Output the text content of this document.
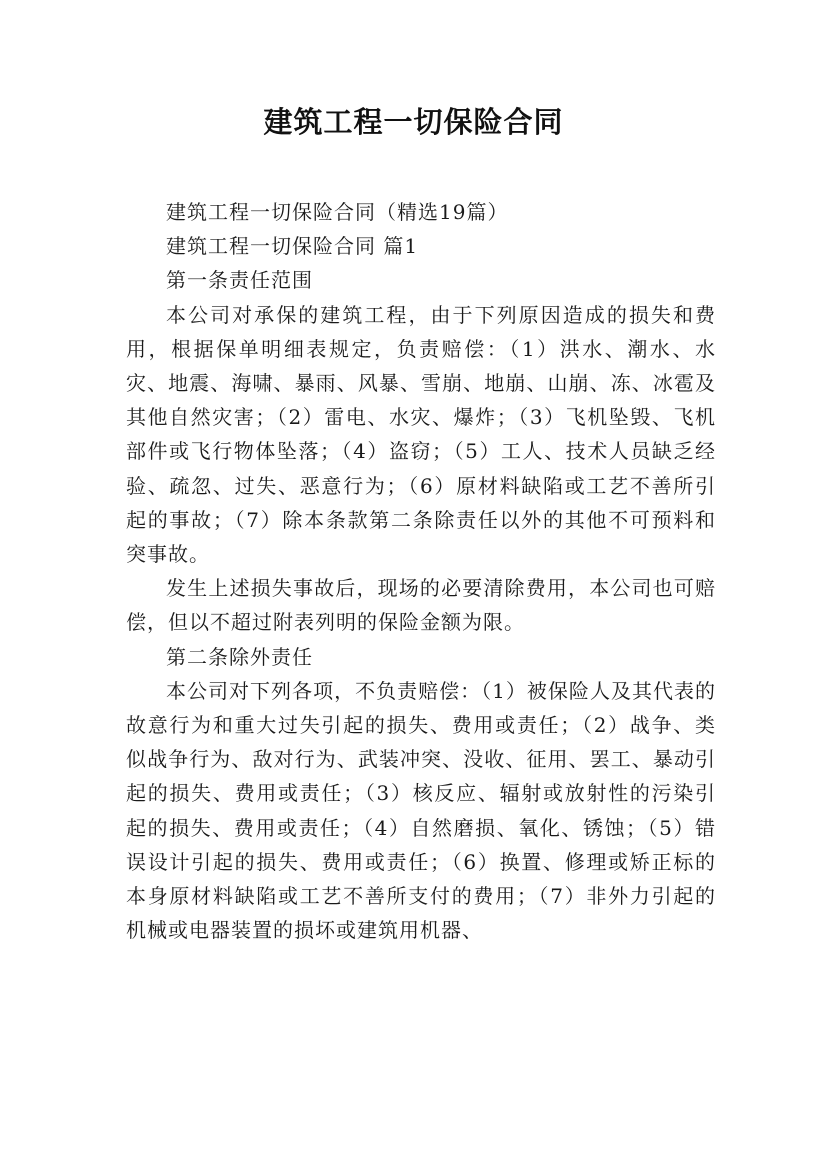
建筑工程一切保险合同

建筑工程一切保险合同（精选19篇）

建筑工程一切保险合同 篇1

第一条责任范围

本公司对承保的建筑工程，由于下列原因造成的损失和费用，根据保单明细表规定，负责赔偿：（1）洪水、潮水、水灾、地震、海啸、暴雨、风暴、雪崩、地崩、山崩、冻、冰雹及其他自然灾害；（2）雷电、水灾、爆炸；（3）飞机坠毁、飞机部件或飞行物体坠落；（4）盗窃；（5）工人、技术人员缺乏经验、疏忽、过失、恶意行为；（6）原材料缺陷或工艺不善所引起的事故；（7）除本条款第二条除责任以外的其他不可预料和突事故。

发生上述损失事故后，现场的必要清除费用，本公司也可赔偿，但以不超过附表列明的保险金额为限。

第二条除外责任

本公司对下列各项，不负责赔偿：（1）被保险人及其代表的故意行为和重大过失引起的损失、费用或责任；（2）战争、类似战争行为、敌对行为、武装冲突、没收、征用、罢工、暴动引起的损失、费用或责任；（3）核反应、辐射或放射性的污染引起的损失、费用或责任；（4）自然磨损、氧化、锈蚀；（5）错误设计引起的损失、费用或责任；（6）换置、修理或矫正标的本身原材料缺陷或工艺不善所支付的费用；（7）非外力引起的机械或电器装置的损坏或建筑用机器、
